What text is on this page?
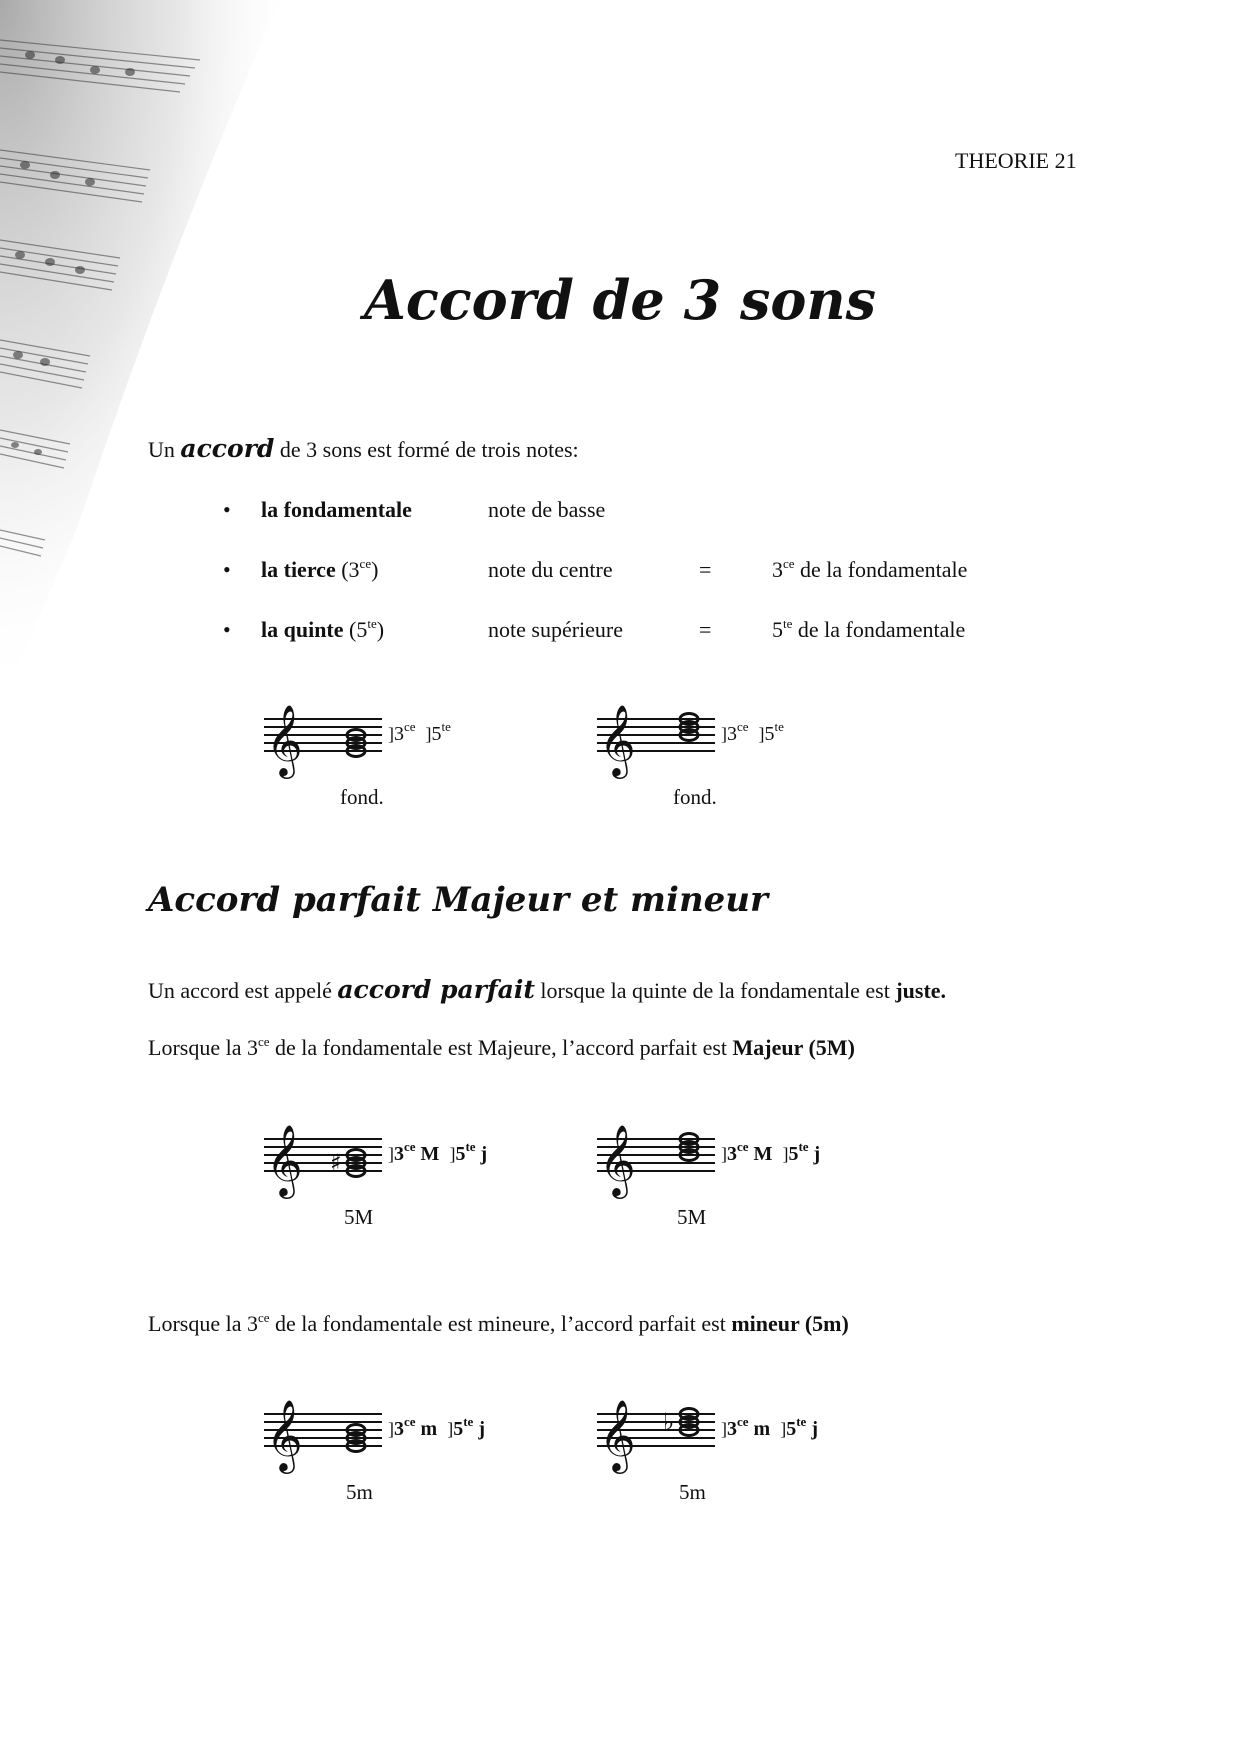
THEORIE 21
Accord de 3 sons
Un accord de 3 sons est formé de trois notes:
• la fondamentale	note de basse
• la tierce $(3^{ce})$	note du centre	=	$3^{ce}$ de la fondamentale
• la quinte $(5^{te})$	note supérieure	=	$5^{te}$ de la fondamentale
𝄞	]$3^{ce}$ ]$5^{te}$
fond.
𝄞	]$3^{ce}$ ]$5^{te}$
fond.
Accord parfait Majeur et mineur
Un accord est appelé accord parfait lorsque la quinte de la fondamentale est juste.
Lorsque la $3^{ce}$ de la fondamentale est Majeure, l’accord parfait est Majeur (5M)
𝄞 ♯	]$3^{ce}$ M ]$5^{te}$ j
5M
𝄞	]$3^{ce}$ M ]$5^{te}$ j
5M
Lorsque la $3^{ce}$ de la fondamentale est mineure, l’accord parfait est mineur (5m)
𝄞	]$3^{ce}$ m ]$5^{te}$ j
5m
𝄞 ♭	]$3^{ce}$ m ]$5^{te}$ j
5m
